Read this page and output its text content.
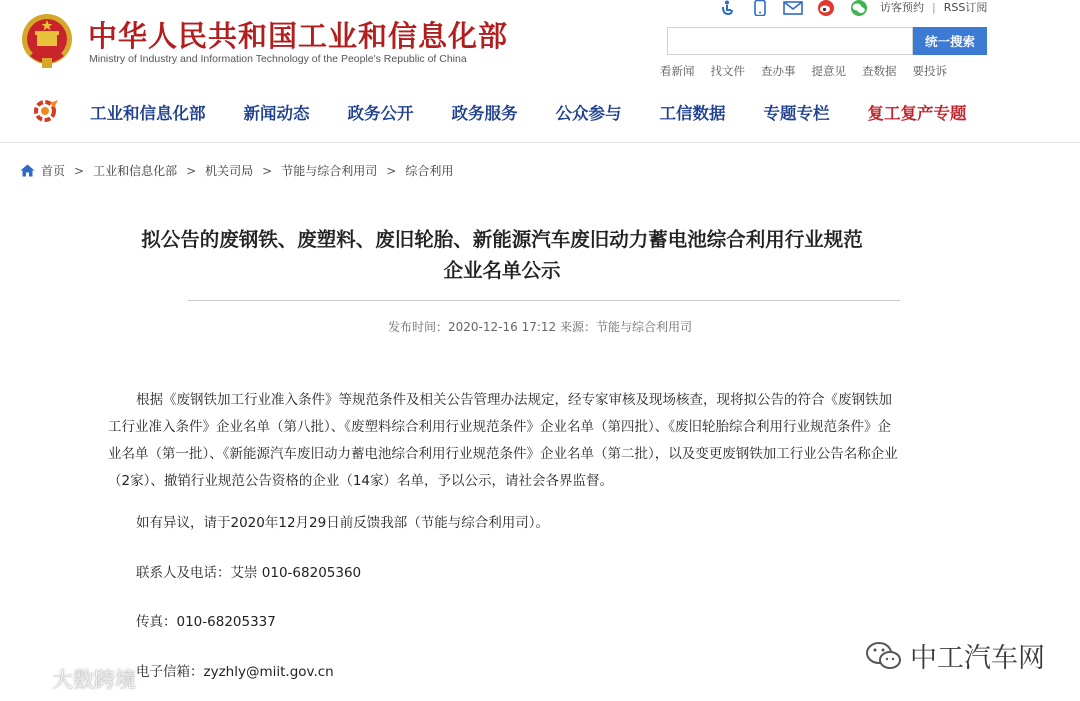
中华人民共和国工业和信息化部
Ministry of Industry and Information Technology of the People's Republic of China
访客预约 | RSS订阅
统一搜索
看新闻 找文件 查办事 提意见 查数据 要投诉
工业和信息化部 新闻动态 政务公开 政务服务 公众参与 工信数据 专题专栏 复工复产专题
首页 > 工业和信息化部 > 机关司局 > 节能与综合利用司 > 综合利用
拟公告的废钢铁、废塑料、废旧轮胎、新能源汽车废旧动力蓄电池综合利用行业规范
企业名单公示
发布时间：2020-12-16 17:12 来源：节能与综合利用司

根据《废钢铁加工行业准入条件》等规范条件及相关公告管理办法规定，经专家审核及现场核查，现将拟公告的符合《废钢铁加工行业准入条件》企业名单（第八批）、《废塑料综合利用行业规范条件》企业名单（第四批）、《废旧轮胎综合利用行业规范条件》企业名单（第一批）、《新能源汽车废旧动力蓄电池综合利用行业规范条件》企业名单（第二批），以及变更废钢铁加工行业公告名称企业（2家）、撤销行业规范公告资格的企业（14家）名单，予以公示，请社会各界监督。

如有异议，请于2020年12月29日前反馈我部（节能与综合利用司）。
联系人及电话：艾崇 010-68205360
传真：010-68205337
电子信箱：zyzhly@miit.gov.cn
大数跨境
中工汽车网
